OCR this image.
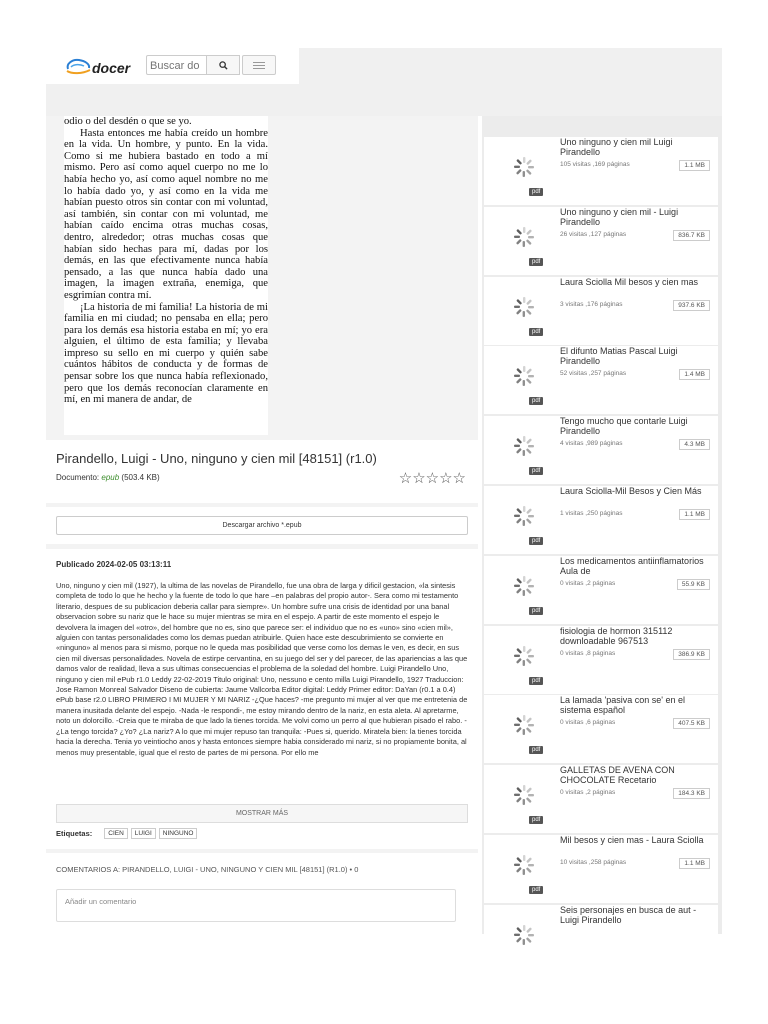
docer
Buscar do

odio o del desdén o que se yo.

Hasta entonces me había creído un hombre en la vida. Un hombre, y punto. En la vida. Como si me hubiera bastado en todo a mí mismo. Pero así como aquel cuerpo no me lo había hecho yo, así como aquel nombre no me lo había dado yo, y así como en la vida me habían puesto otros sin contar con mi voluntad, así también, sin contar con mi voluntad, me habían caído encima otras muchas cosas, dentro, alrededor; otras muchas cosas que habían sido hechas para mí, dadas por los demás, en las que efectivamente nunca había pensado, a las que nunca había dado una imagen, la imagen extraña, enemiga, que esgrimían contra mí.

¡La historia de mi familia! La historia de mi familia en mi ciudad; no pensaba en ella; pero para los demás esa historia estaba en mí; yo era alguien, el último de esta familia; y llevaba impreso su sello en mi cuerpo y quién sabe cuántos hábitos de conducta y de formas de pensar sobre los que nunca había reflexionado, pero que los demás reconocían claramente en mí, en mi manera de andar, de

Pirandello, Luigi - Uno, ninguno y cien mil [48151] (r1.0)
Documento: epub (503.4 KB)	☆☆☆☆☆
Descargar archivo *.epub
Publicado 2024-02-05 03:13:11
Uno, ninguno y cien mil (1927), la ultima de las novelas de Pirandello, fue una obra de larga y dificil gestacion, «la sintesis completa de todo lo que he hecho y la fuente de todo lo que hare –en palabras del propio autor-. Sera como mi testamento literario, despues de su publicacion deberia callar para siempre». Un hombre sufre una crisis de identidad por una banal observacion sobre su nariz que le hace su mujer mientras se mira en el espejo. A partir de este momento el espejo le devolvera la imagen del «otro», del hombre que no es, sino que parece ser: el individuo que no es «uno» sino «cien mil», alguien con tantas personalidades como los demas puedan atribuirle. Quien hace este descubrimiento se convierte en «ninguno» al menos para si mismo, porque no le queda mas posibilidad que verse como los demas le ven, es decir, en sus cien mil diversas personalidades. Novela de estirpe cervantina, en su juego del ser y del parecer, de las apariencias a las que damos valor de realidad, lleva a sus ultimas consecuencias el problema de la soledad del hombre. Luigi Pirandello Uno, ninguno y cien mil ePub r1.0 Leddy 22-02-2019 Titulo original: Uno, nessuno e cento milla Luigi Pirandello, 1927 Traduccion: Jose Ramon Monreal Salvador Diseno de cubierta: Jaume Vallcorba Editor digital: Leddy Primer editor: DaYan (r0.1 a 0.4) ePub base r2.0 LIBRO PRIMERO I MI MUJER Y MI NARIZ -¿Que haces? -me pregunto mi mujer al ver que me entretenia de manera inusitada delante del espejo. -Nada -le respondi-, me estoy mirando dentro de la nariz, en esta aleta. Al apretarme, noto un dolorcillo. -Creia que te miraba de que lado la tienes torcida. Me volvi como un perro al que hubieran pisado el rabo. -¿La tengo torcida? ¿Yo? ¿La nariz? A lo que mi mujer repuso tan tranquila: -Pues si, querido. Miratela bien: la tienes torcida hacia la derecha. Tenia yo veintiocho anos y hasta entonces siempre habia considerado mi nariz, si no propiamente bonita, al menos muy presentable, igual que el resto de partes de mi persona. Por ello me
MOSTRAR MÁS
Etiquetas:	CIEN	LUIGI	NINGUNO
COMENTARIOS A: PIRANDELLO, LUIGI - UNO, NINGUNO Y CIEN MIL [48151] (R1.0) • 0
Añadir un comentario
Uno ninguno y cien mil Luigi Pirandello
105 visitas ,169 páginas	1.1 MB
pdf
Uno ninguno y cien mil - Luigi Pirandello
26 visitas ,127 páginas	836.7 KB
pdf
Laura Sciolla Mil besos y cien mas
3 visitas ,176 páginas	937.6 KB
pdf
El difunto Matias Pascal Luigi Pirandello
52 visitas ,257 páginas	1.4 MB
pdf
Tengo mucho que contarle Luigi Pirandello
4 visitas ,989 páginas	4.3 MB
pdf
Laura Sciolla-Mil Besos y Cien Más
1 visitas ,250 páginas	1.1 MB
pdf
Los medicamentos antiinflamatorios Aula de
0 visitas ,2 páginas	55.9 KB
pdf
fisiologia de hormon 315112 downloadable 967513
0 visitas ,8 páginas	386.9 KB
pdf
La lamada 'pasiva con se' en el sistema español
0 visitas ,6 páginas	407.5 KB
pdf
GALLETAS DE AVENA CON CHOCOLATE Recetario
0 visitas ,2 páginas	184.3 KB
pdf
Mil besos y cien mas - Laura Sciolla
10 visitas ,258 páginas	1.1 MB
pdf
Seis personajes en busca de aut - Luigi Pirandello
